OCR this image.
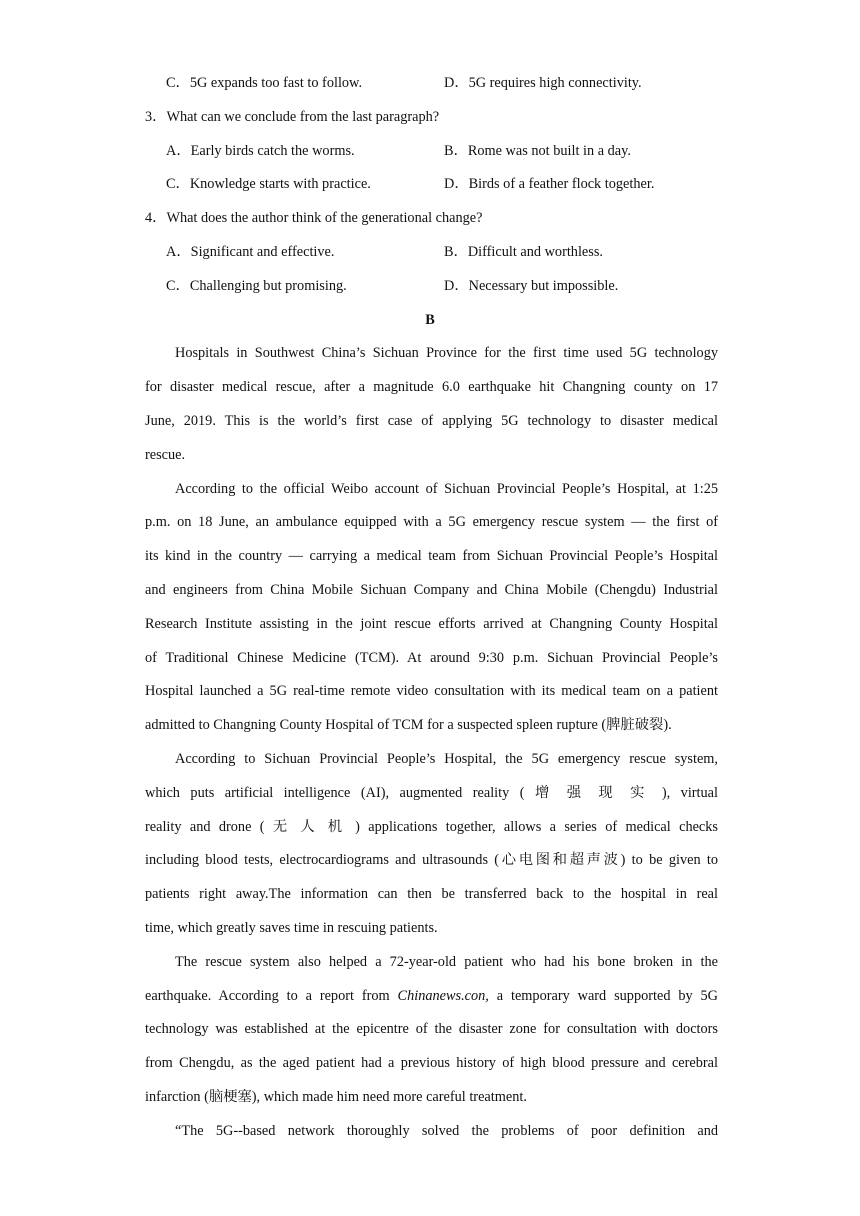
C．5G expands too fast to follow.	D．5G requires high connectivity.
3．What can we conclude from the last paragraph?
A．Early birds catch the worms.	B．Rome was not built in a day.
C．Knowledge starts with practice.	D．Birds of a feather flock together.
4．What does the author think of the generational change?
A．Significant and effective.	B．Difficult and worthless.
C．Challenging but promising.	D．Necessary but impossible.
B
Hospitals in Southwest China’s Sichuan Province for the first time used 5G technology
for disaster medical rescue, after a magnitude 6.0 earthquake hit Changning county on 17
June, 2019. This is the world’s first case of applying 5G technology to disaster medical
rescue.
According to the official Weibo account of Sichuan Provincial People’s Hospital, at 1:25
p.m. on 18 June, an ambulance equipped with a 5G emergency rescue system — the first of
its kind in the country — carrying a medical team from Sichuan Provincial People’s Hospital
and engineers from China Mobile Sichuan Company and China Mobile (Chengdu) Industrial
Research Institute assisting in the joint rescue efforts arrived at Changning County Hospital
of Traditional Chinese Medicine (TCM). At around 9:30 p.m. Sichuan Provincial People’s
Hospital launched a 5G real-time remote video consultation with its medical team on a patient
admitted to Changning County Hospital of TCM for a suspected spleen rupture (脾脏破裂).
According to Sichuan Provincial People’s Hospital, the 5G emergency rescue system,
which puts artificial intelligence (AI), augmented reality ( 增 强 现 实 ), virtual
reality and drone ( 无 人 机 ) applications together, allows a series of medical checks
including blood tests, electrocardiograms and ultrasounds (心电图和超声波) to be given to
patients right away.The information can then be transferred back to the hospital in real
time, which greatly saves time in rescuing patients.
The rescue system also helped a 72-year-old patient who had his bone broken in the
earthquake. According to a report from Chinanews.con, a temporary ward supported by 5G
technology was established at the epicentre of the disaster zone for consultation with doctors
from Chengdu, as the aged patient had a previous history of high blood pressure and cerebral
infarction (脑梗塞), which made him need more careful treatment.
“The 5G--based network thoroughly solved the problems of poor definition and
